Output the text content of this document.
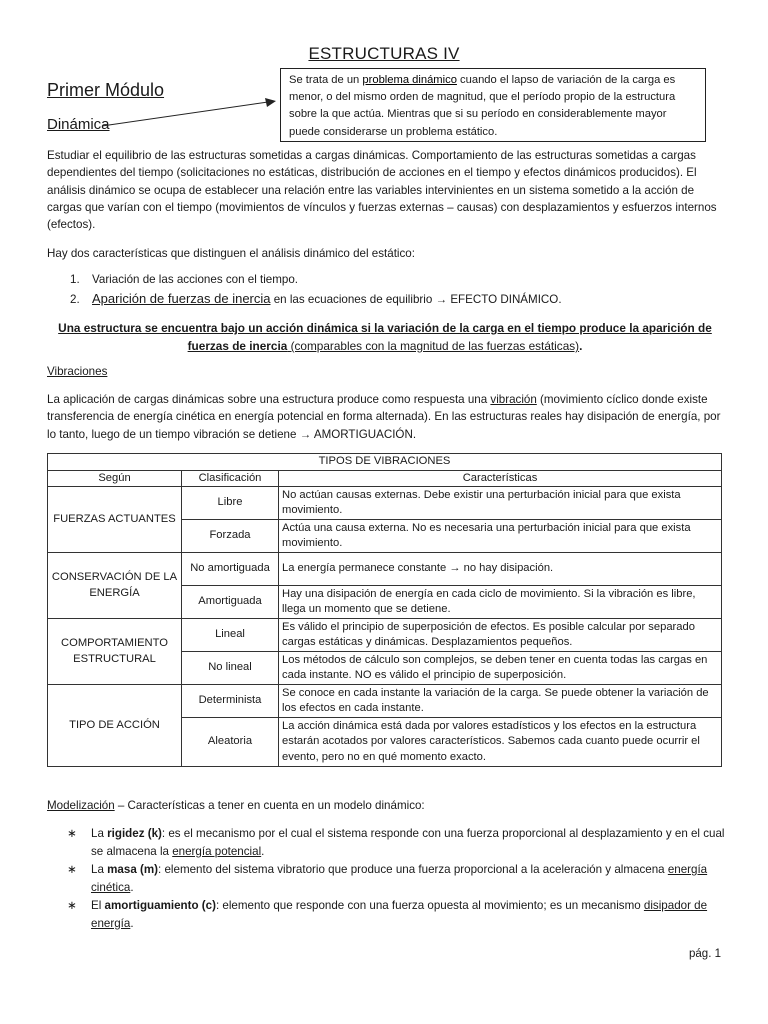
ESTRUCTURAS IV
Primer Módulo
Dinámica
Se trata de un problema dinámico cuando el lapso de variación de la carga es menor, o del mismo orden de magnitud, que el período propio de la estructura sobre la que actúa. Mientras que si su período en considerablemente mayor puede considerarse un problema estático.
Estudiar el equilibrio de las estructuras sometidas a cargas dinámicas. Comportamiento de las estructuras sometidas a cargas dependientes del tiempo (solicitaciones no estáticas, distribución de acciones en el tiempo y efectos dinámicos producidos). El análisis dinámico se ocupa de establecer una relación entre las variables intervinientes en un sistema sometido a la acción de cargas que varían con el tiempo (movimientos de vínculos y fuerzas externas – causas) con desplazamientos y esfuerzos internos (efectos).
Hay dos características que distinguen el análisis dinámico del estático:
1. Variación de las acciones con el tiempo.
2. Aparición de fuerzas de inercia en las ecuaciones de equilibrio → EFECTO DINÁMICO.
Una estructura se encuentra bajo un acción dinámica si la variación de la carga en el tiempo produce la aparición de fuerzas de inercia (comparables con la magnitud de las fuerzas estáticas).
Vibraciones
La aplicación de cargas dinámicas sobre una estructura produce como respuesta una vibración (movimiento cíclico donde existe transferencia de energía cinética en energía potencial en forma alternada). En las estructuras reales hay disipación de energía, por lo tanto, luego de un tiempo vibración se detiene → AMORTIGUACIÓN.
TIPOS DE VIBRACIONES		
Según	Clasificación	Características
FUERZAS ACTUANTES	Libre	No actúan causas externas. Debe existir una perturbación inicial para que exista movimiento.
	Forzada	Actúa una causa externa. No es necesaria una perturbación inicial para que exista movimiento.
CONSERVACIÓN DE LA ENERGÍA	No amortiguada	La energía permanece constante → no hay disipación.
	Amortiguada	Hay una disipación de energía en cada ciclo de movimiento. Si la vibración es libre, llega un momento que se detiene.
COMPORTAMIENTO ESTRUCTURAL	Lineal	Es válido el principio de superposición de efectos. Es posible calcular por separado cargas estáticas y dinámicas. Desplazamientos pequeños.
	No lineal	Los métodos de cálculo son complejos, se deben tener en cuenta todas las cargas en cada instante. NO es válido el principio de superposición.
TIPO DE ACCIÓN	Determinista	Se conoce en cada instante la variación de la carga. Se puede obtener la variación de los efectos en cada instante.
	Aleatoria	La acción dinámica está dada por valores estadísticos y los efectos en la estructura estarán acotados por valores característicos. Sabemos cada cuanto puede ocurrir el evento, pero no en qué momento exacto.
Modelización – Características a tener en cuenta en un modelo dinámico:
∗ La rigidez (k): es el mecanismo por el cual el sistema responde con una fuerza proporcional al desplazamiento y en el cual se almacena la energía potencial.
∗ La masa (m): elemento del sistema vibratorio que produce una fuerza proporcional a la aceleración y almacena energía cinética.
∗ El amortiguamiento (c): elemento que responde con una fuerza opuesta al movimiento; es un mecanismo disipador de energía.
pág. 1
